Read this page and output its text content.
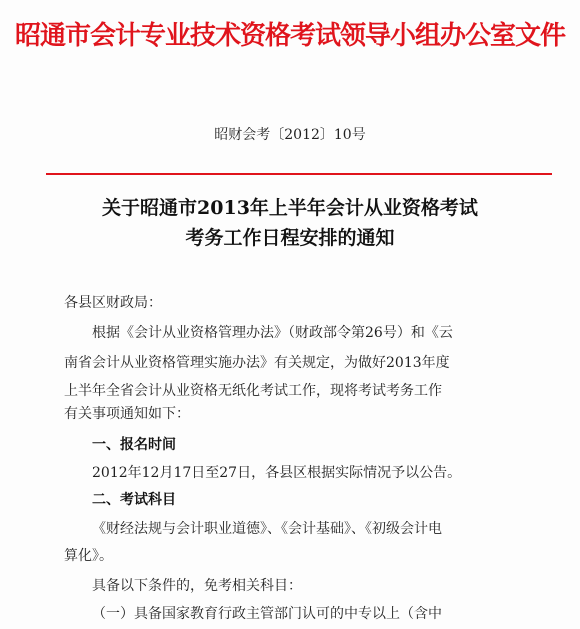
昭通市会计专业技术资格考试领导小组办公室文件
昭财会考〔2012〕10号
关于昭通市2013年上半年会计从业资格考试
考务工作日程安排的通知
各县区财政局：
根据《会计从业资格管理办法》（财政部令第26号）和《云
南省会计从业资格管理实施办法》有关规定，为做好2013年度
上半年全省会计从业资格无纸化考试工作，现将考试考务工作
有关事项通知如下：
一、报名时间
2012年12月17日至27日，各县区根据实际情况予以公告。
二、考试科目
《财经法规与会计职业道德》、《会计基础》、《初级会计电
算化》。
具备以下条件的，免考相关科目：
（一）具备国家教育行政主管部门认可的中专以上（含中
